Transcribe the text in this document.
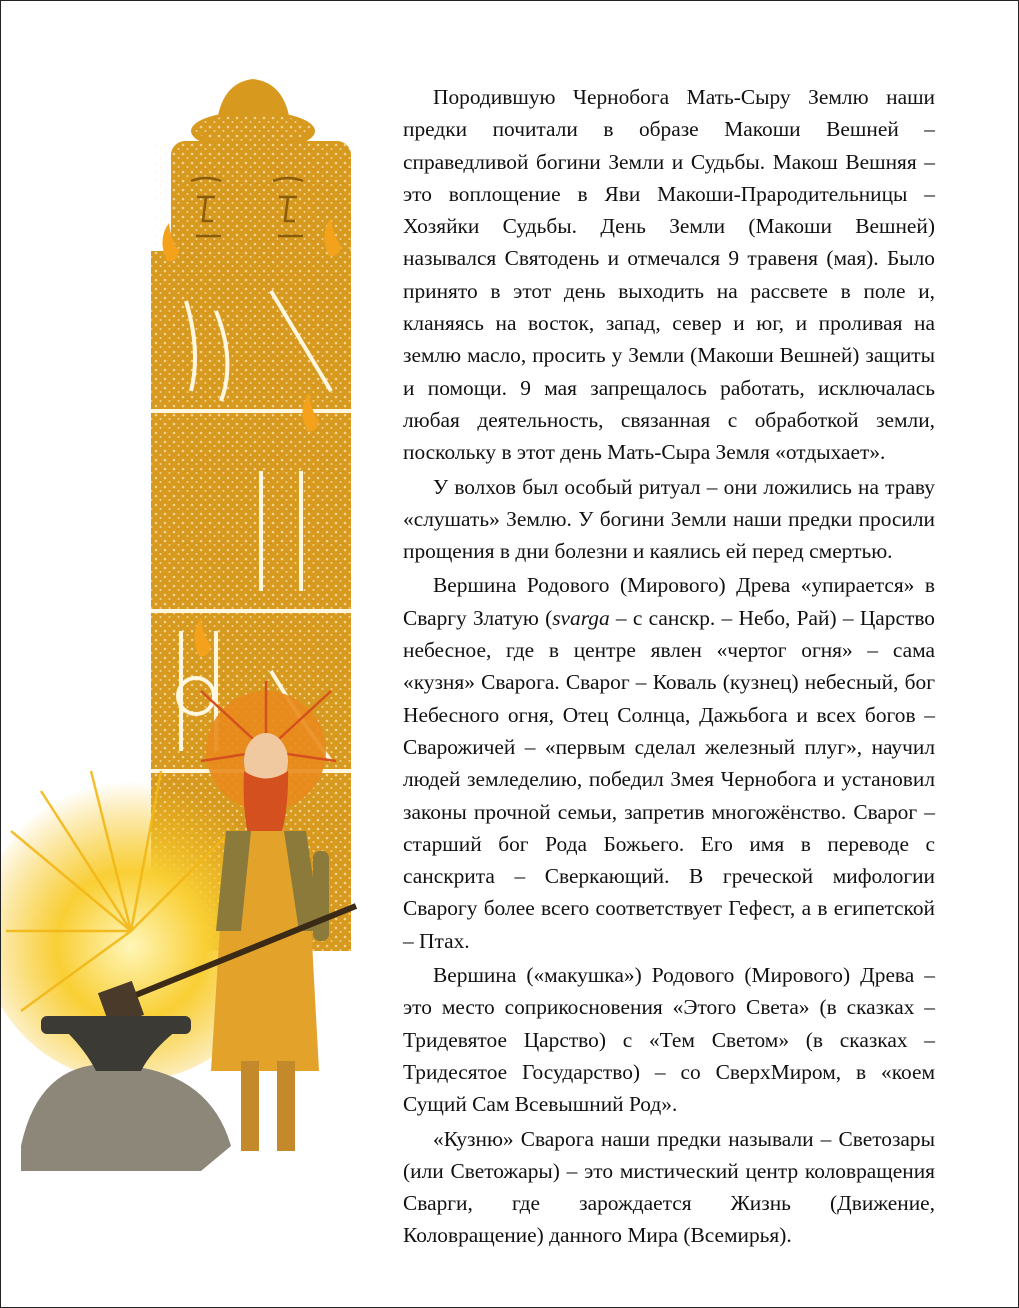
Породившую Чернобога Мать-Сыру Землю наши предки почитали в образе Макоши Вешней – справедливой богини Земли и Судьбы. Макош Вешняя – это воплощение в Яви Макоши-Прародительницы – Хозяйки Судьбы. День Земли (Макоши Вешней) назывался Святодень и отмечался 9 травеня (мая). Было принято в этот день выходить на рассвете в поле и, кланяясь на восток, запад, север и юг, и проливая на землю масло, просить у Земли (Макоши Вешней) защиты и помощи. 9 мая запрещалось работать, исключалась любая деятельность, связанная с обработкой земли, поскольку в этот день Мать-Сыра Земля «отдыхает».

У волхов был особый ритуал – они ложились на траву «слушать» Землю. У богини Земли наши предки просили прощения в дни болезни и каялись ей перед смертью.

Вершина Родового (Мирового) Древа «упирается» в Сваргу Златую (svarga – с санскр. – Небо, Рай) – Царство небесное, где в центре явлен «чертог огня» – сама «кузня» Сварога. Сварог – Коваль (кузнец) небесный, бог Небесного огня, Отец Солнца, Дажьбога и всех богов – Сварожичей – «первым сделал железный плуг», научил людей земледелию, победил Змея Чернобога и установил законы прочной семьи, запретив многожёнство. Сварог – старший бог Рода Божьего. Его имя в переводе с санскрита – Сверкающий. В греческой мифологии Сварогу более всего соответствует Гефест, а в египетской – Птах.

Вершина («макушка») Родового (Мирового) Древа – это место соприкосновения «Этого Света» (в сказках – Тридевятое Царство) с «Тем Светом» (в сказках – Тридесятое Государство) – со СверхМиром, в «коем Сущий Сам Всевышний Род».

«Кузню» Сварога наши предки называли – Светозары (или Светожары) – это мистический центр коловращения Сварги, где зарождается Жизнь (Движение, Коловращение) данного Мира (Всемирья).
